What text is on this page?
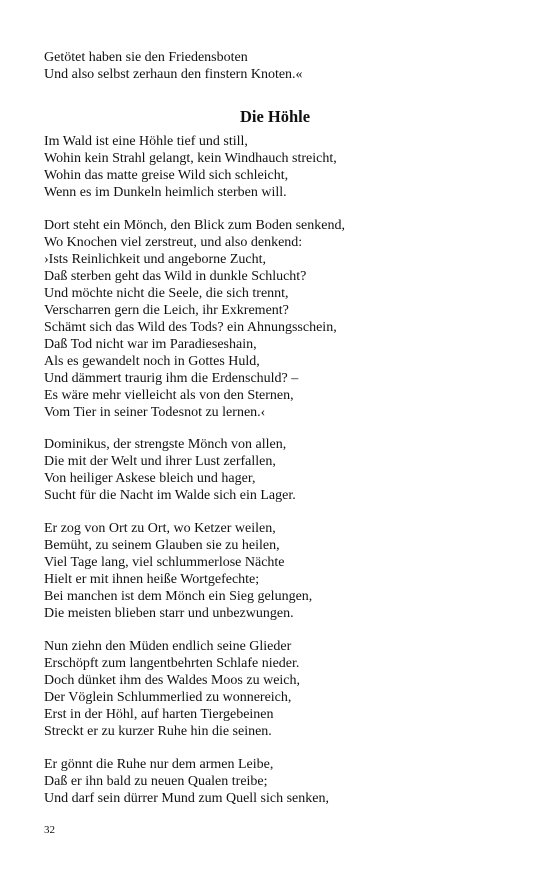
Getötet haben sie den Friedensboten
Und also selbst zerhaun den finstern Knoten.«
Die Höhle
Im Wald ist eine Höhle tief und still,
Wohin kein Strahl gelangt, kein Windhauch streicht,
Wohin das matte greise Wild sich schleicht,
Wenn es im Dunkeln heimlich sterben will.
Dort steht ein Mönch, den Blick zum Boden senkend,
Wo Knochen viel zerstreut, und also denkend:
›Ists Reinlichkeit und angeborne Zucht,
Daß sterben geht das Wild in dunkle Schlucht?
Und möchte nicht die Seele, die sich trennt,
Verscharren gern die Leich, ihr Exkrement?
Schämt sich das Wild des Tods? ein Ahnungsschein,
Daß Tod nicht war im Paradieseshain,
Als es gewandelt noch in Gottes Huld,
Und dämmert traurig ihm die Erdenschuld? –
Es wäre mehr vielleicht als von den Sternen,
Vom Tier in seiner Todesnot zu lernen.‹
Dominikus, der strengste Mönch von allen,
Die mit der Welt und ihrer Lust zerfallen,
Von heiliger Askese bleich und hager,
Sucht für die Nacht im Walde sich ein Lager.
Er zog von Ort zu Ort, wo Ketzer weilen,
Bemüht, zu seinem Glauben sie zu heilen,
Viel Tage lang, viel schlummerlose Nächte
Hielt er mit ihnen heiße Wortgefechte;
Bei manchen ist dem Mönch ein Sieg gelungen,
Die meisten blieben starr und unbezwungen.
Nun ziehn den Müden endlich seine Glieder
Erschöpft zum langentbehrten Schlafe nieder.
Doch dünket ihm des Waldes Moos zu weich,
Der Vöglein Schlummerlied zu wonnereich,
Erst in der Höhl, auf harten Tiergebeinen
Streckt er zu kurzer Ruhe hin die seinen.
Er gönnt die Ruhe nur dem armen Leibe,
Daß er ihn bald zu neuen Qualen treibe;
Und darf sein dürrer Mund zum Quell sich senken,
32
